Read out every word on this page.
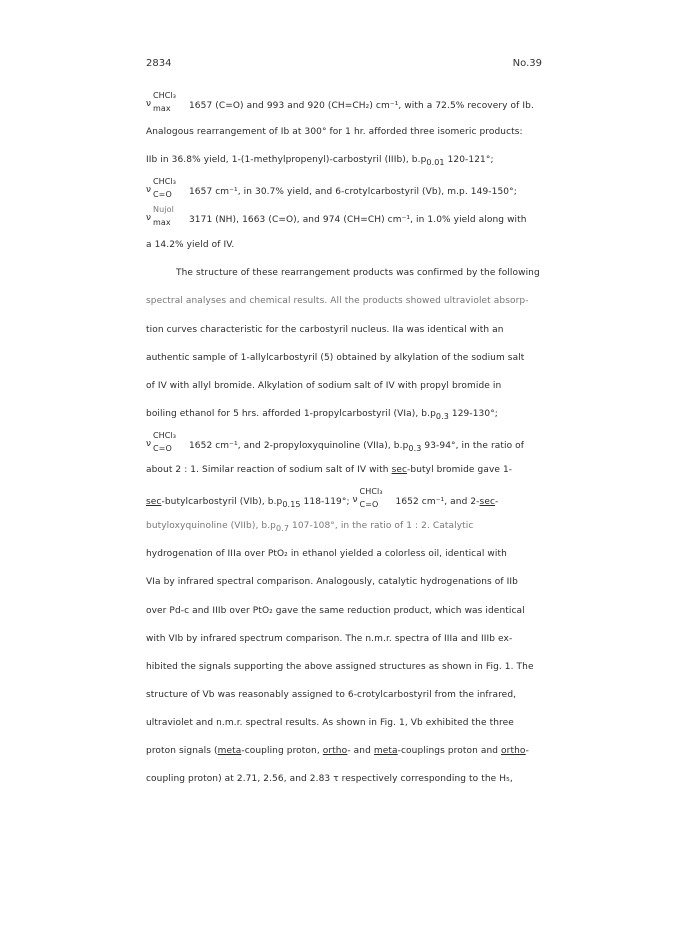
2834	No.39
ν
CHCl₃
max 1657 (C=O) and 993 and 920 (CH=CH₂) cm⁻¹, with a 72.5% recovery of Ib.
Analogous rearrangement of Ib at 300° for 1 hr. afforded three isomeric products:
IIb in 36.8% yield, 1-(1-methylpropenyl)-carbostyril (IIIb), b.p0.01 120-121°;
ν
CHCl₃
C=O 1657 cm⁻¹, in 30.7% yield, and 6-crotylcarbostyril (Vb), m.p. 149-150°;
ν
Nujol
max 3171 (NH), 1663 (C=O), and 974 (CH=CH) cm⁻¹, in 1.0% yield along with
a 14.2% yield of IV.
The structure of these rearrangement products was confirmed by the following
spectral analyses and chemical results. All the products showed ultraviolet absorp-
tion curves characteristic for the carbostyril nucleus. IIa was identical with an
authentic sample of 1-allylcarbostyril (5) obtained by alkylation of the sodium salt
of IV with allyl bromide. Alkylation of sodium salt of IV with propyl bromide in
boiling ethanol for 5 hrs. afforded 1-propylcarbostyril (VIa), b.p0.3 129-130°;
ν
CHCl₃
C=O 1652 cm⁻¹, and 2-propyloxyquinoline (VIIa), b.p0.3 93-94°, in the ratio of
about 2 : 1. Similar reaction of sodium salt of IV with sec-butyl bromide gave 1-
sec-butylcarbostyril (VIb), b.p0.15 118-119°; ν
CHCl₃
C=O 1652 cm⁻¹, and 2-sec-
butyloxyquinoline (VIIb), b.p0.7 107-108°, in the ratio of 1 : 2. Catalytic
hydrogenation of IIIa over PtO₂ in ethanol yielded a colorless oil, identical with
VIa by infrared spectral comparison. Analogously, catalytic hydrogenations of IIb
over Pd-c and IIIb over PtO₂ gave the same reduction product, which was identical
with VIb by infrared spectrum comparison. The n.m.r. spectra of IIIa and IIIb ex-
hibited the signals supporting the above assigned structures as shown in Fig. 1. The
structure of Vb was reasonably assigned to 6-crotylcarbostyril from the infrared,
ultraviolet and n.m.r. spectral results. As shown in Fig. 1, Vb exhibited the three
proton signals (meta-coupling proton, ortho- and meta-couplings proton and ortho-
coupling proton) at 2.71, 2.56, and 2.83 τ respectively corresponding to the H₅,
